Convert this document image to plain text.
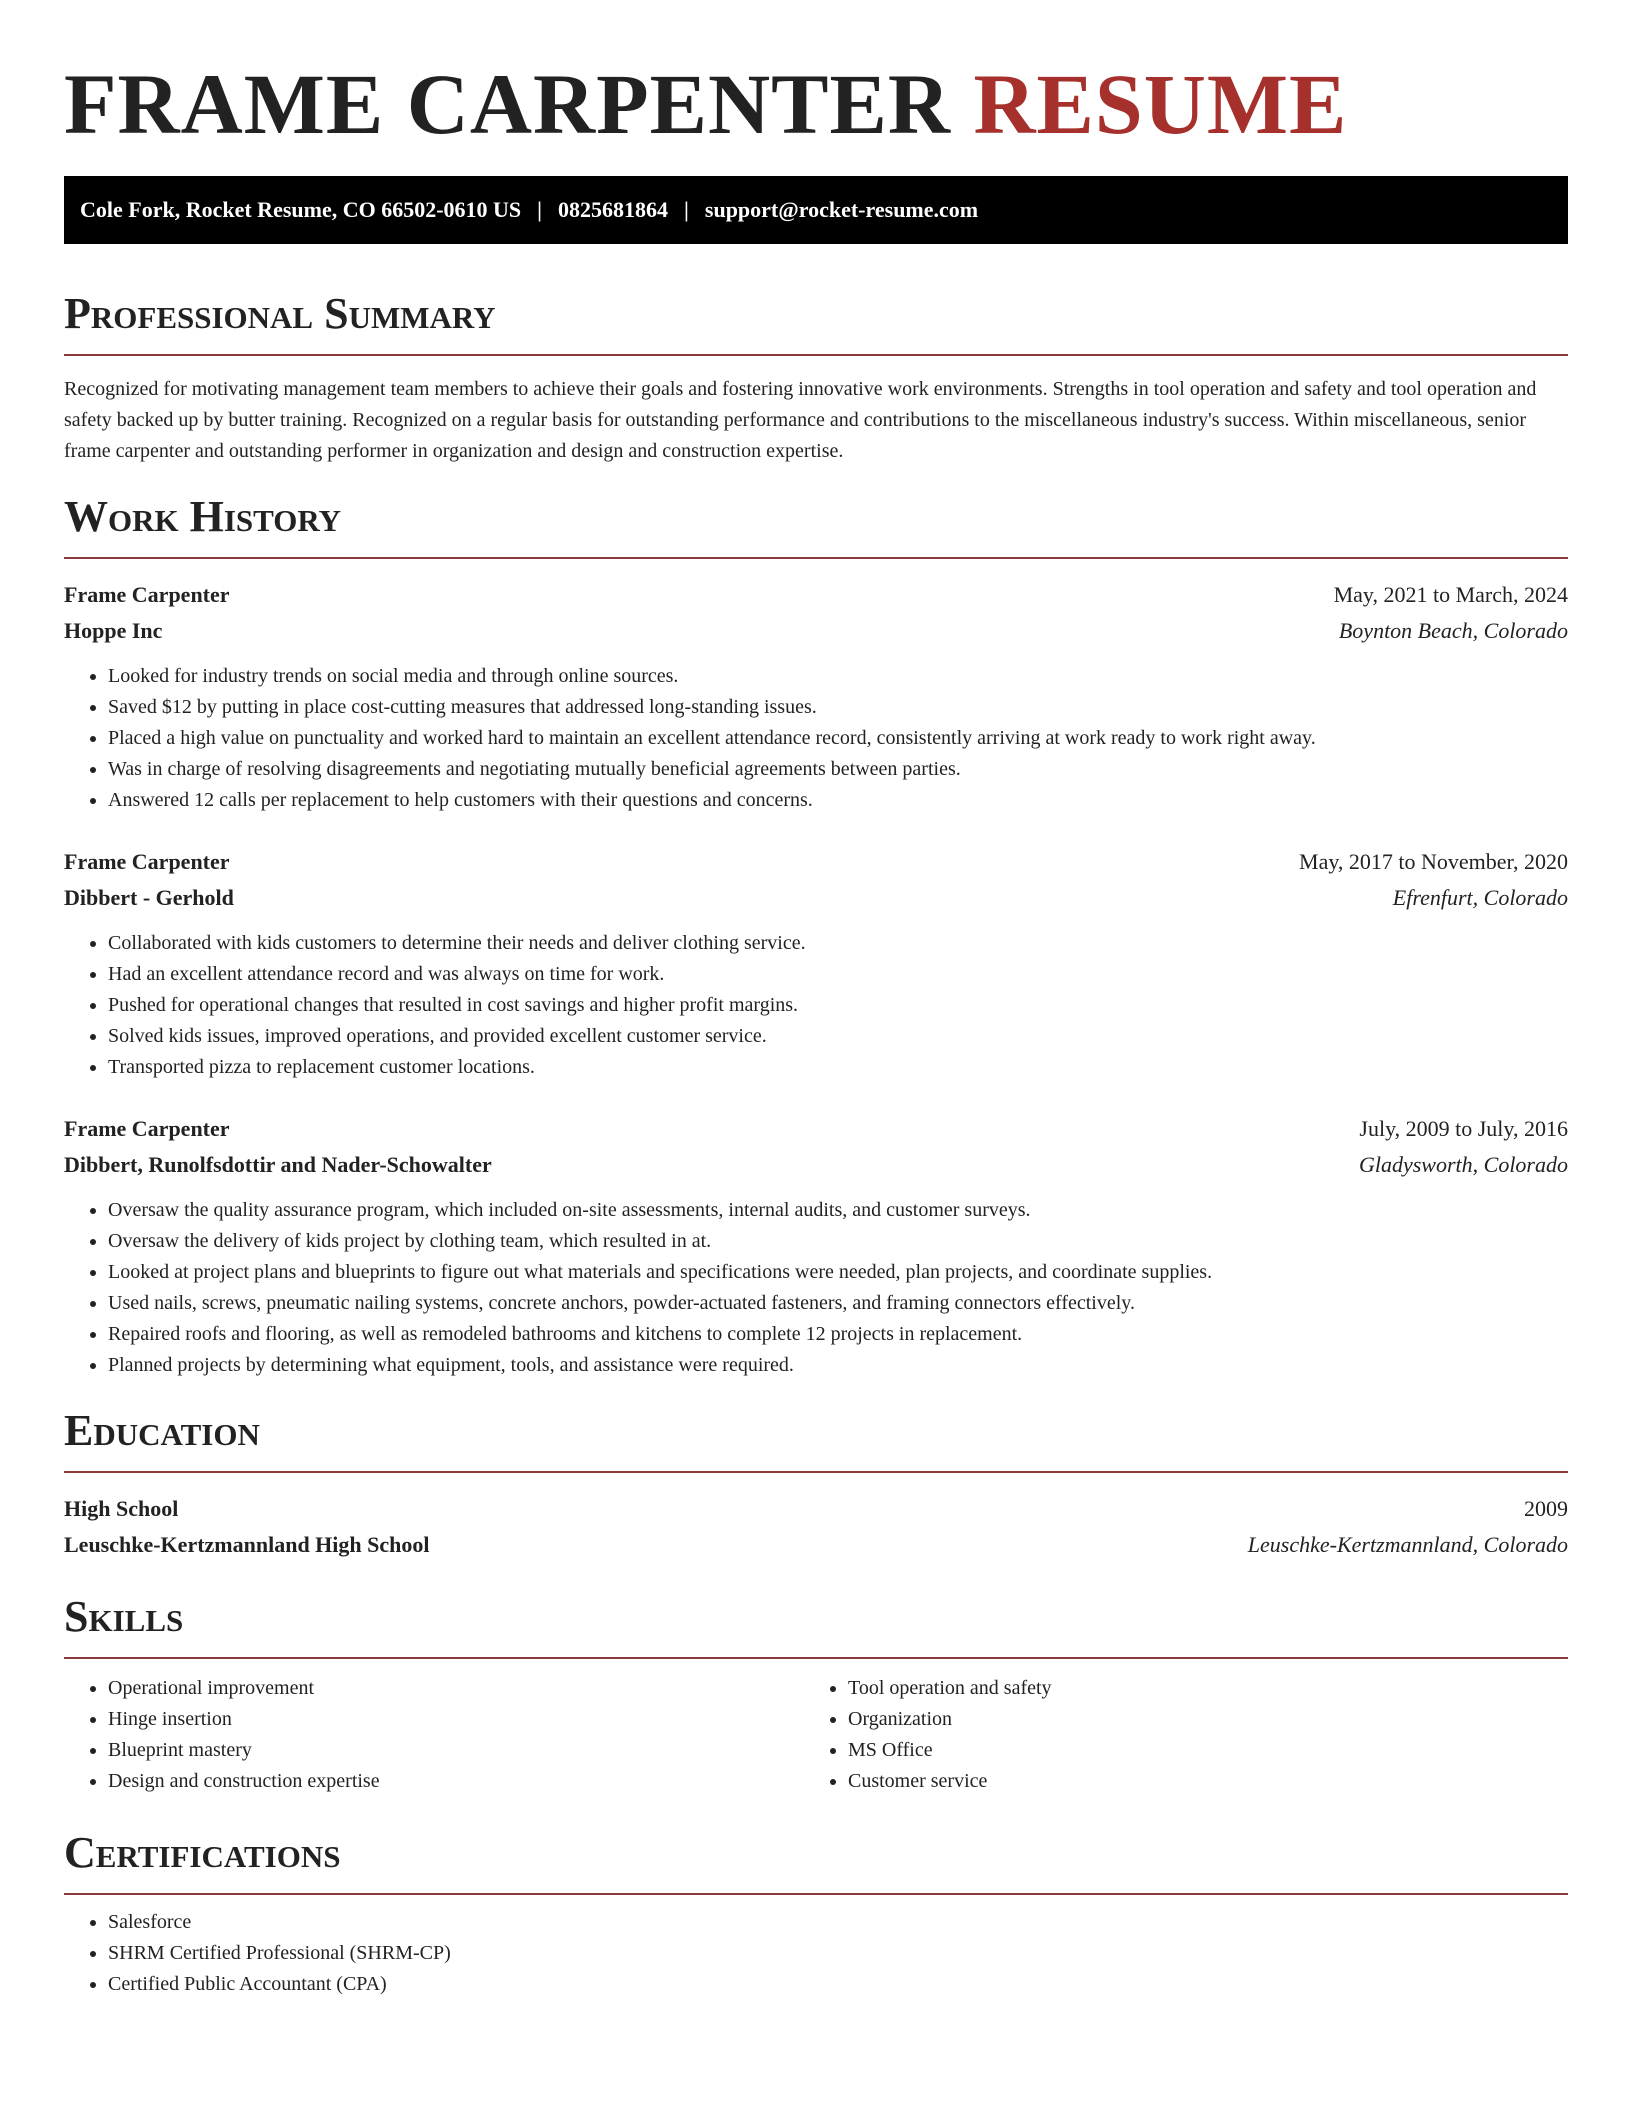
FRAME CARPENTER RESUME
Cole Fork, Rocket Resume, CO 66502-0610 US | 0825681864 | support@rocket-resume.com
Professional Summary

Recognized for motivating management team members to achieve their goals and fostering innovative work environments. Strengths in tool operation and safety and tool operation and safety backed up by butter training. Recognized on a regular basis for outstanding performance and contributions to the miscellaneous industry's success. Within miscellaneous, senior frame carpenter and outstanding performer in organization and design and construction expertise.

Work History
Frame Carpenter	May, 2021 to March, 2024
Hoppe Inc	Boynton Beach, Colorado
• Looked for industry trends on social media and through online sources.
• Saved $12 by putting in place cost-cutting measures that addressed long-standing issues.
• Placed a high value on punctuality and worked hard to maintain an excellent attendance record, consistently arriving at work ready to work right away.
• Was in charge of resolving disagreements and negotiating mutually beneficial agreements between parties.
• Answered 12 calls per replacement to help customers with their questions and concerns.
Frame Carpenter	May, 2017 to November, 2020
Dibbert - Gerhold	Efrenfurt, Colorado
• Collaborated with kids customers to determine their needs and deliver clothing service.
• Had an excellent attendance record and was always on time for work.
• Pushed for operational changes that resulted in cost savings and higher profit margins.
• Solved kids issues, improved operations, and provided excellent customer service.
• Transported pizza to replacement customer locations.
Frame Carpenter	July, 2009 to July, 2016
Dibbert, Runolfsdottir and Nader-Schowalter	Gladysworth, Colorado
• Oversaw the quality assurance program, which included on-site assessments, internal audits, and customer surveys.
• Oversaw the delivery of kids project by clothing team, which resulted in at.
• Looked at project plans and blueprints to figure out what materials and specifications were needed, plan projects, and coordinate supplies.
• Used nails, screws, pneumatic nailing systems, concrete anchors, powder-actuated fasteners, and framing connectors effectively.
• Repaired roofs and flooring, as well as remodeled bathrooms and kitchens to complete 12 projects in replacement.
• Planned projects by determining what equipment, tools, and assistance were required.
Education
High School	2009
Leuschke-Kertzmannland High School	Leuschke-Kertzmannland, Colorado
Skills
• Operational improvement
• Hinge insertion
• Blueprint mastery
• Design and construction expertise
• Tool operation and safety
• Organization
• MS Office
• Customer service
Certifications
• Salesforce
• SHRM Certified Professional (SHRM-CP)
• Certified Public Accountant (CPA)
